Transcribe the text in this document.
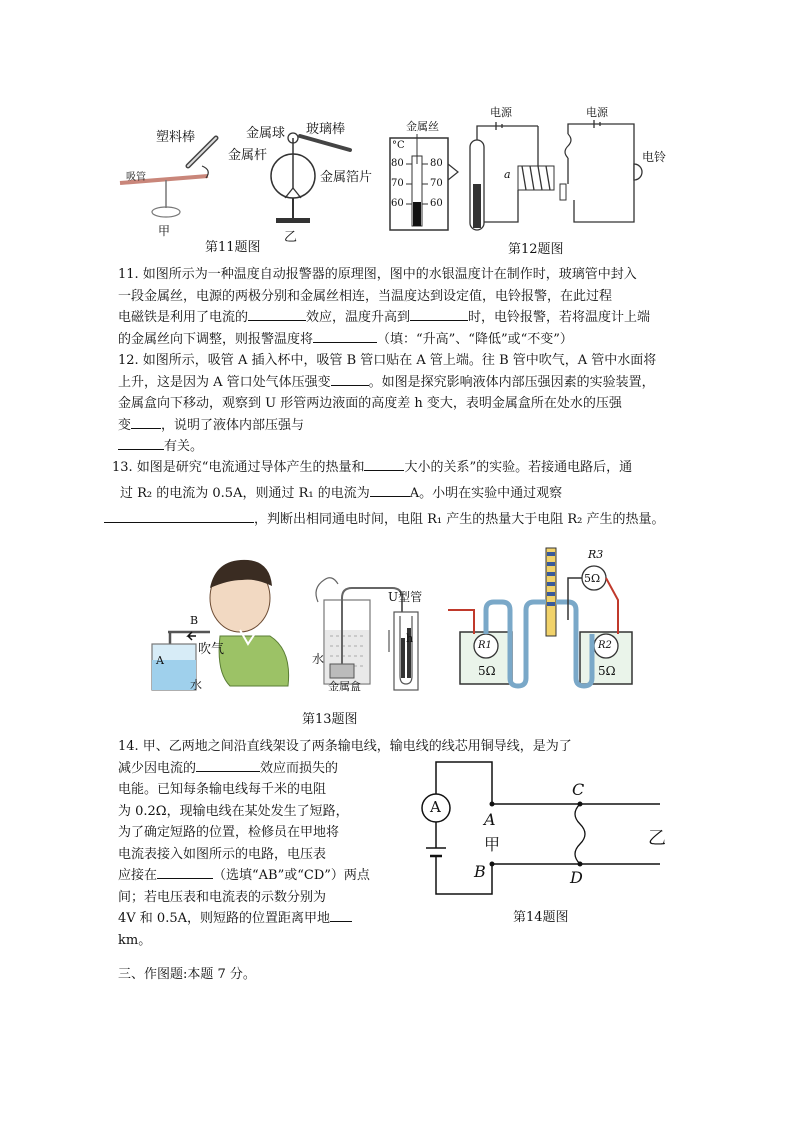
吸管
塑料棒
甲
金属球 玻璃棒
金属杆
金属箔片
乙
第11题图
金属丝
°C
80
70
60
80
70
60
电源	电源
a
电铃
第12题图

11. 如图所示为一种温度自动报警器的原理图，图中的水银温度计在制作时，玻璃管中封入

一段金属丝，电源的两极分别和金属丝相连，当温度达到设定值，电铃报警，在此过程

电磁铁是利用了电流的	效应，温度升高到	时，电铃报警，若将温度计上端

的金属丝向下调整，则报警温度将	（填：“升高”、“降低”或“不变”）

12. 如图所示，吸管 A 插入杯中，吸管 B 管口贴在 A 管上端。往 B 管中吹气，A 管中水面将

上升，这是因为 A 管口处气体压强变	。如图是探究影响液体内部压强因素的实验装置，

金属盒向下移动，观察到 U 形管两边液面的高度差 h 变大，表明金属盒所在处水的压强

变 ，说明了液体内部压强与

有关。

13. 如图是研究“电流通过导体产生的热量和	大小的关系”的实验。若接通电路后，通

过 R₂ 的电流为 0.5A，则通过 R₁ 的电流为	A。小明在实验中通过观察

，判断出相同通电时间，电阻 R₁ 产生的热量大于电阻 R₂ 产生的热量。

B
A
吹气
水
水
U型管
h
金属盒
R3
5Ω
R1
5Ω
R2
5Ω
第13题图

14. 甲、乙两地之间沿直线架设了两条输电线，输电线的线芯用铜导线，是为了

减少因电流的	效应而损失的

电能。已知每条输电线每千米的电阻

为 0.2Ω，现输电线在某处发生了短路，

为了确定短路的位置，检修员在甲地将

电流表接入如图所示的电路，电压表

应接在	（选填“AB”或“CD”）两点

间；若电压表和电流表的示数分别为

4V 和 0.5A，则短路的位置距离甲地

km。

A
A
甲
B
C
D
乙
第14题图
三、作图题:本题 7 分。
